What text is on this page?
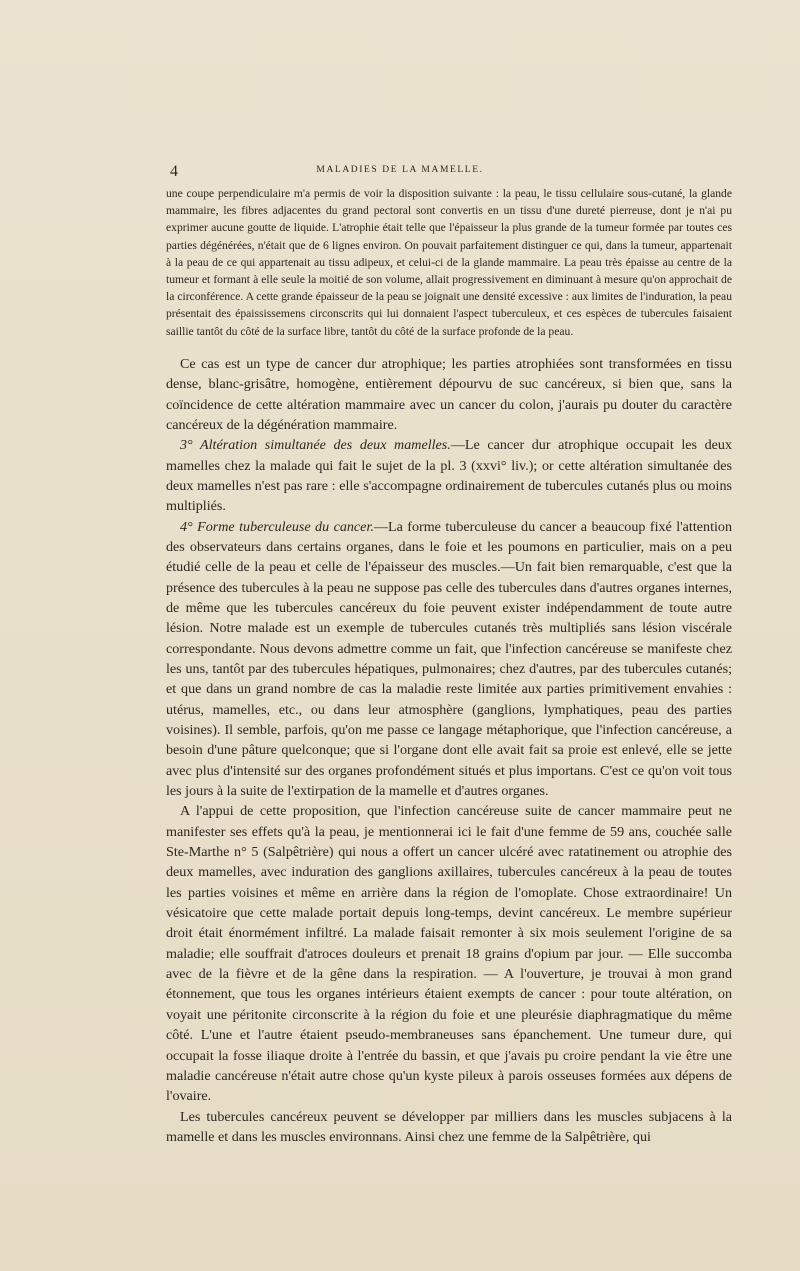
4	MALADIES DE LA MAMELLE.

une coupe perpendiculaire m'a permis de voir la disposition suivante : la peau, le tissu cellulaire sous-cutané, la glande mammaire, les fibres adjacentes du grand pectoral sont convertis en un tissu d'une dureté pierreuse, dont je n'ai pu exprimer aucune goutte de liquide. L'atrophie était telle que l'épaisseur la plus grande de la tumeur formée par toutes ces parties dégénérées, n'était que de 6 lignes environ. On pouvait parfaitement distinguer ce qui, dans la tumeur, appartenait à la peau de ce qui appartenait au tissu adipeux, et celui-ci de la glande mammaire. La peau très épaisse au centre de la tumeur et formant à elle seule la moitié de son volume, allait progressivement en diminuant à mesure qu'on approchait de la circonférence. A cette grande épaisseur de la peau se joignait une densité excessive : aux limites de l'induration, la peau présentait des épaississemens circonscrits qui lui donnaient l'aspect tuberculeux, et ces espèces de tubercules faisaient saillie tantôt du côté de la surface libre, tantôt du côté de la surface profonde de la peau.

Ce cas est un type de cancer dur atrophique; les parties atrophiées sont transformées en tissu dense, blanc-grisâtre, homogène, entièrement dépourvu de suc cancéreux, si bien que, sans la coïncidence de cette altération mammaire avec un cancer du colon, j'aurais pu douter du caractère cancéreux de la dégénération mammaire.

3° Altération simultanée des deux mamelles.—Le cancer dur atrophique occupait les deux mamelles chez la malade qui fait le sujet de la pl. 3 (xxvi° liv.); or cette altération simultanée des deux mamelles n'est pas rare : elle s'accompagne ordinairement de tubercules cutanés plus ou moins multipliés.

4° Forme tuberculeuse du cancer.—La forme tuberculeuse du cancer a beaucoup fixé l'attention des observateurs dans certains organes, dans le foie et les poumons en particulier, mais on a peu étudié celle de la peau et celle de l'épaisseur des muscles.—Un fait bien remarquable, c'est que la présence des tubercules à la peau ne suppose pas celle des tubercules dans d'autres organes internes, de même que les tubercules cancéreux du foie peuvent exister indépendamment de toute autre lésion. Notre malade est un exemple de tubercules cutanés très multipliés sans lésion viscérale correspondante. Nous devons admettre comme un fait, que l'infection cancéreuse se manifeste chez les uns, tantôt par des tubercules hépatiques, pulmonaires; chez d'autres, par des tubercules cutanés; et que dans un grand nombre de cas la maladie reste limitée aux parties primitivement envahies : utérus, mamelles, etc., ou dans leur atmosphère (ganglions, lymphatiques, peau des parties voisines). Il semble, parfois, qu'on me passe ce langage métaphorique, que l'infection cancéreuse, a besoin d'une pâture quelconque; que si l'organe dont elle avait fait sa proie est enlevé, elle se jette avec plus d'intensité sur des organes profondément situés et plus importans. C'est ce qu'on voit tous les jours à la suite de l'extirpation de la mamelle et d'autres organes.

A l'appui de cette proposition, que l'infection cancéreuse suite de cancer mammaire peut ne manifester ses effets qu'à la peau, je mentionnerai ici le fait d'une femme de 59 ans, couchée salle Ste-Marthe n° 5 (Salpêtrière) qui nous a offert un cancer ulcéré avec ratatinement ou atrophie des deux mamelles, avec induration des ganglions axillaires, tubercules cancéreux à la peau de toutes les parties voisines et même en arrière dans la région de l'omoplate. Chose extraordinaire! Un vésicatoire que cette malade portait depuis long-temps, devint cancéreux. Le membre supérieur droit était énormément infiltré. La malade faisait remonter à six mois seulement l'origine de sa maladie; elle souffrait d'atroces douleurs et prenait 18 grains d'opium par jour. — Elle succomba avec de la fièvre et de la gêne dans la respiration. — A l'ouverture, je trouvai à mon grand étonnement, que tous les organes intérieurs étaient exempts de cancer : pour toute altération, on voyait une péritonite circonscrite à la région du foie et une pleurésie diaphragmatique du même côté. L'une et l'autre étaient pseudo-membraneuses sans épanchement. Une tumeur dure, qui occupait la fosse iliaque droite à l'entrée du bassin, et que j'avais pu croire pendant la vie être une maladie cancéreuse n'était autre chose qu'un kyste pileux à parois osseuses formées aux dépens de l'ovaire.

Les tubercules cancéreux peuvent se développer par milliers dans les muscles subjacens à la mamelle et dans les muscles environnans. Ainsi chez une femme de la Salpêtrière, qui
